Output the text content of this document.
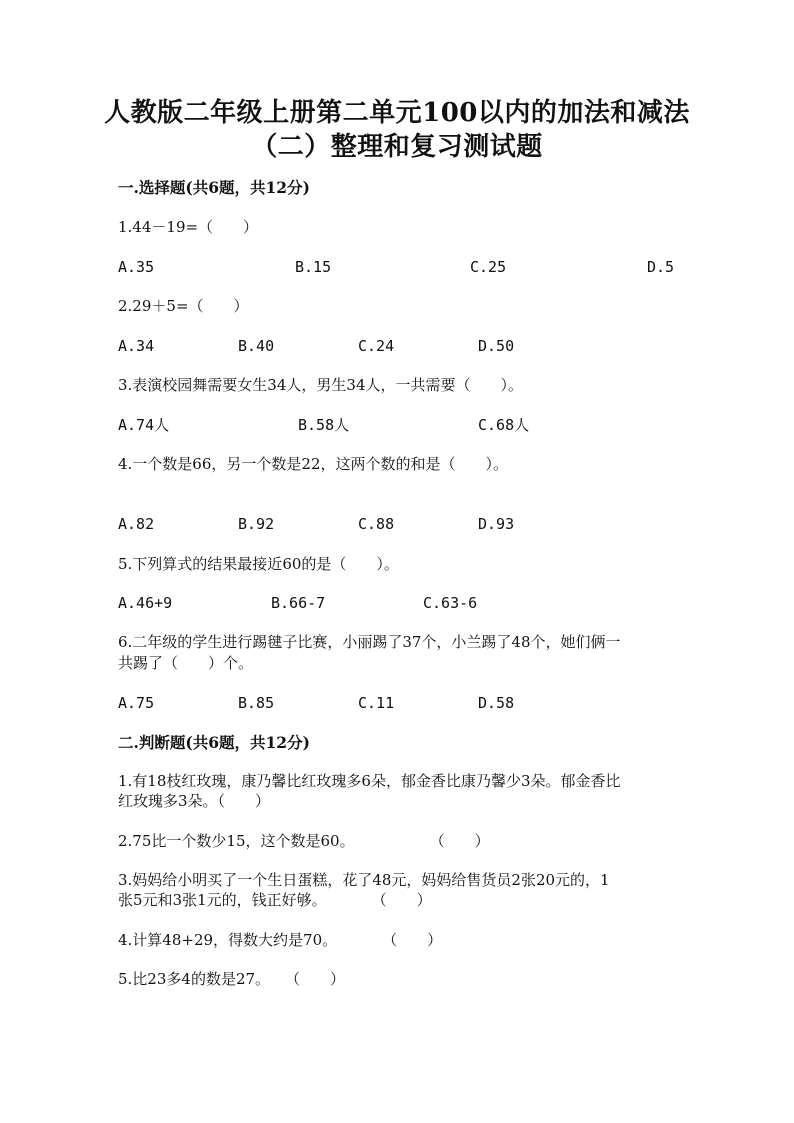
人教版二年级上册第二单元100以内的加法和减法
（二）整理和复习测试题
一.选择题(共6题，共12分)
1.44－19=（　　）
A.35	B.15	C.25	D.5
2.29＋5=（　　）
A.34	B.40	C.24	D.50
3.表演校园舞需要女生34人，男生34人，一共需要（　　）。
A.74人	B.58人	C.68人
4.一个数是66，另一个数是22，这两个数的和是（　　）。
A.82	B.92	C.88	D.93
5.下列算式的结果最接近60的是（　　）。
A.46+9	B.66-7	C.63-6
6.二年级的学生进行踢毽子比赛，小丽踢了37个，小兰踢了48个，她们俩一
共踢了（　　）个。
A.75	B.85	C.11	D.58
二.判断题(共6题，共12分)
1.有18枝红玫瑰，康乃馨比红玫瑰多6朵，郁金香比康乃馨少3朵。郁金香比
红玫瑰多3朵。（　　）
2.75比一个数少15，这个数是60。　　　　　　（　　）
3.妈妈给小明买了一个生日蛋糕，花了48元，妈妈给售货员2张20元的，1
张5元和3张1元的，钱正好够。　　　　（　　）
4.计算48+29，得数大约是70。　　　　（　　）
5.比23多4的数是27。　　（　　）
